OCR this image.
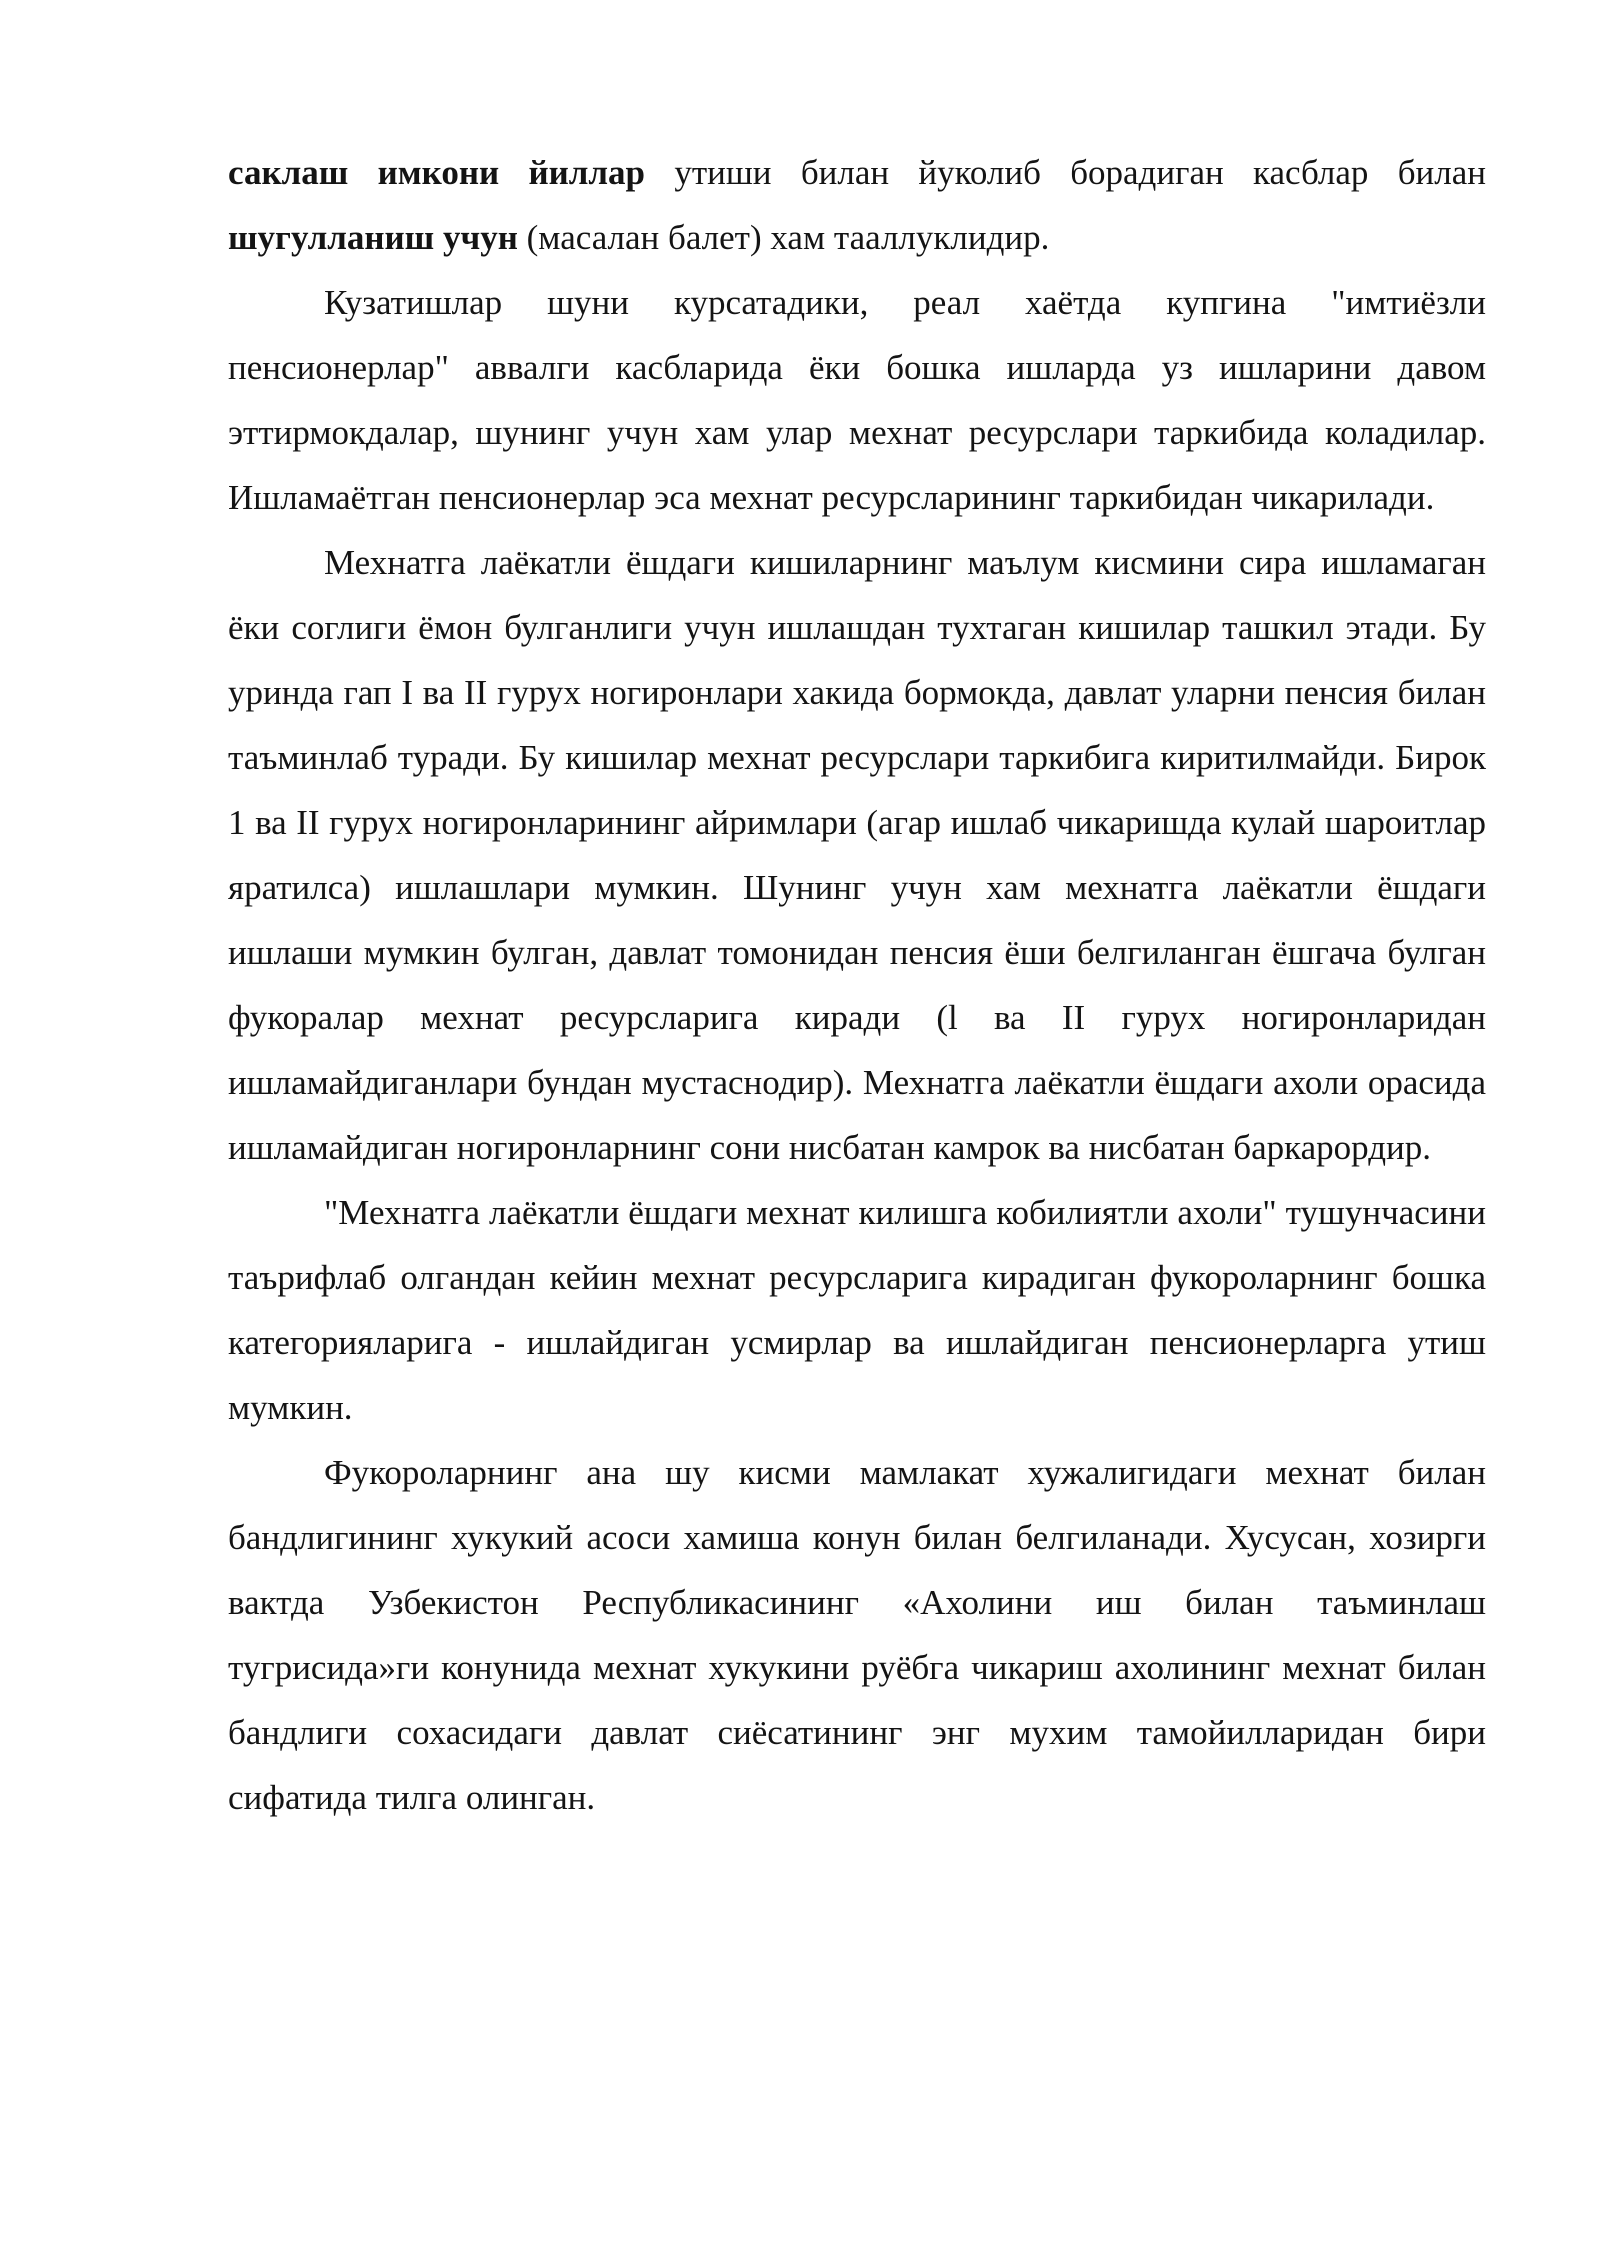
саклаш имкони йиллар утиши билан йуколиб борадиган касблар билан шугулланиш учун (масалан балет) хам тааллуклидир.

Кузатишлар шуни курсатадики, реал хаётда купгина "имтиёзли пенсионерлар" аввалги касбларида ёки бошка ишларда уз ишларини давом эттирмокдалар, шунинг учун хам улар мехнат ресурслари таркибида коладилар. Ишламаётган пенсионерлар эса мехнат ресурсларининг таркибидан чикарилади.

Мехнатга лаёкатли ёшдаги кишиларнинг маълум кисмини сира ишламаган ёки соглиги ёмон булганлиги учун ишлашдан тухтаган кишилар ташкил этади. Бу уринда гап I ва II гурух ногиронлари хакида бормокда, давлат уларни пенсия билан таъминлаб туради. Бу кишилар мехнат ресурслари таркибига киритилмайди. Бирок 1 ва II гурух ногиронларининг айримлари (агар ишлаб чикаришда кулай шароитлар яратилса) ишлашлари мумкин. Шунинг учун хам мехнатга лаёкатли ёшдаги ишлаши мумкин булган, давлат томонидан пенсия ёши белгиланган ёшгача булган фукоралар мехнат ресурсларига киради (l ва II гурух ногиронларидан ишламайдиганлари бундан мустаснодир). Мехнатга лаёкатли ёшдаги ахоли орасида ишламайдиган ногиронларнинг сони нисбатан камрок ва нисбатан баркарордир.

"Мехнатга лаёкатли ёшдаги мехнат килишга кобилиятли ахоли" тушунчасини таърифлаб олгандан кейин мехнат ресурсларига кирадиган фукороларнинг бошка категорияларига - ишлайдиган усмирлар ва ишлайдиган пенсионерларга утиш мумкин.

Фукороларнинг ана шу кисми мамлакат хужалигидаги мехнат билан бандлигининг хукукий асоси хамиша конун билан белгиланади. Хусусан, хозирги вактда Узбекистон Республикасининг «Ахолини иш билан таъминлаш тугрисида»ги конунида мехнат хукукини руёбга чикариш ахолининг мехнат билан бандлиги сохасидаги давлат сиёсатининг энг мухим тамойилларидан бири сифатида тилга олинган.
